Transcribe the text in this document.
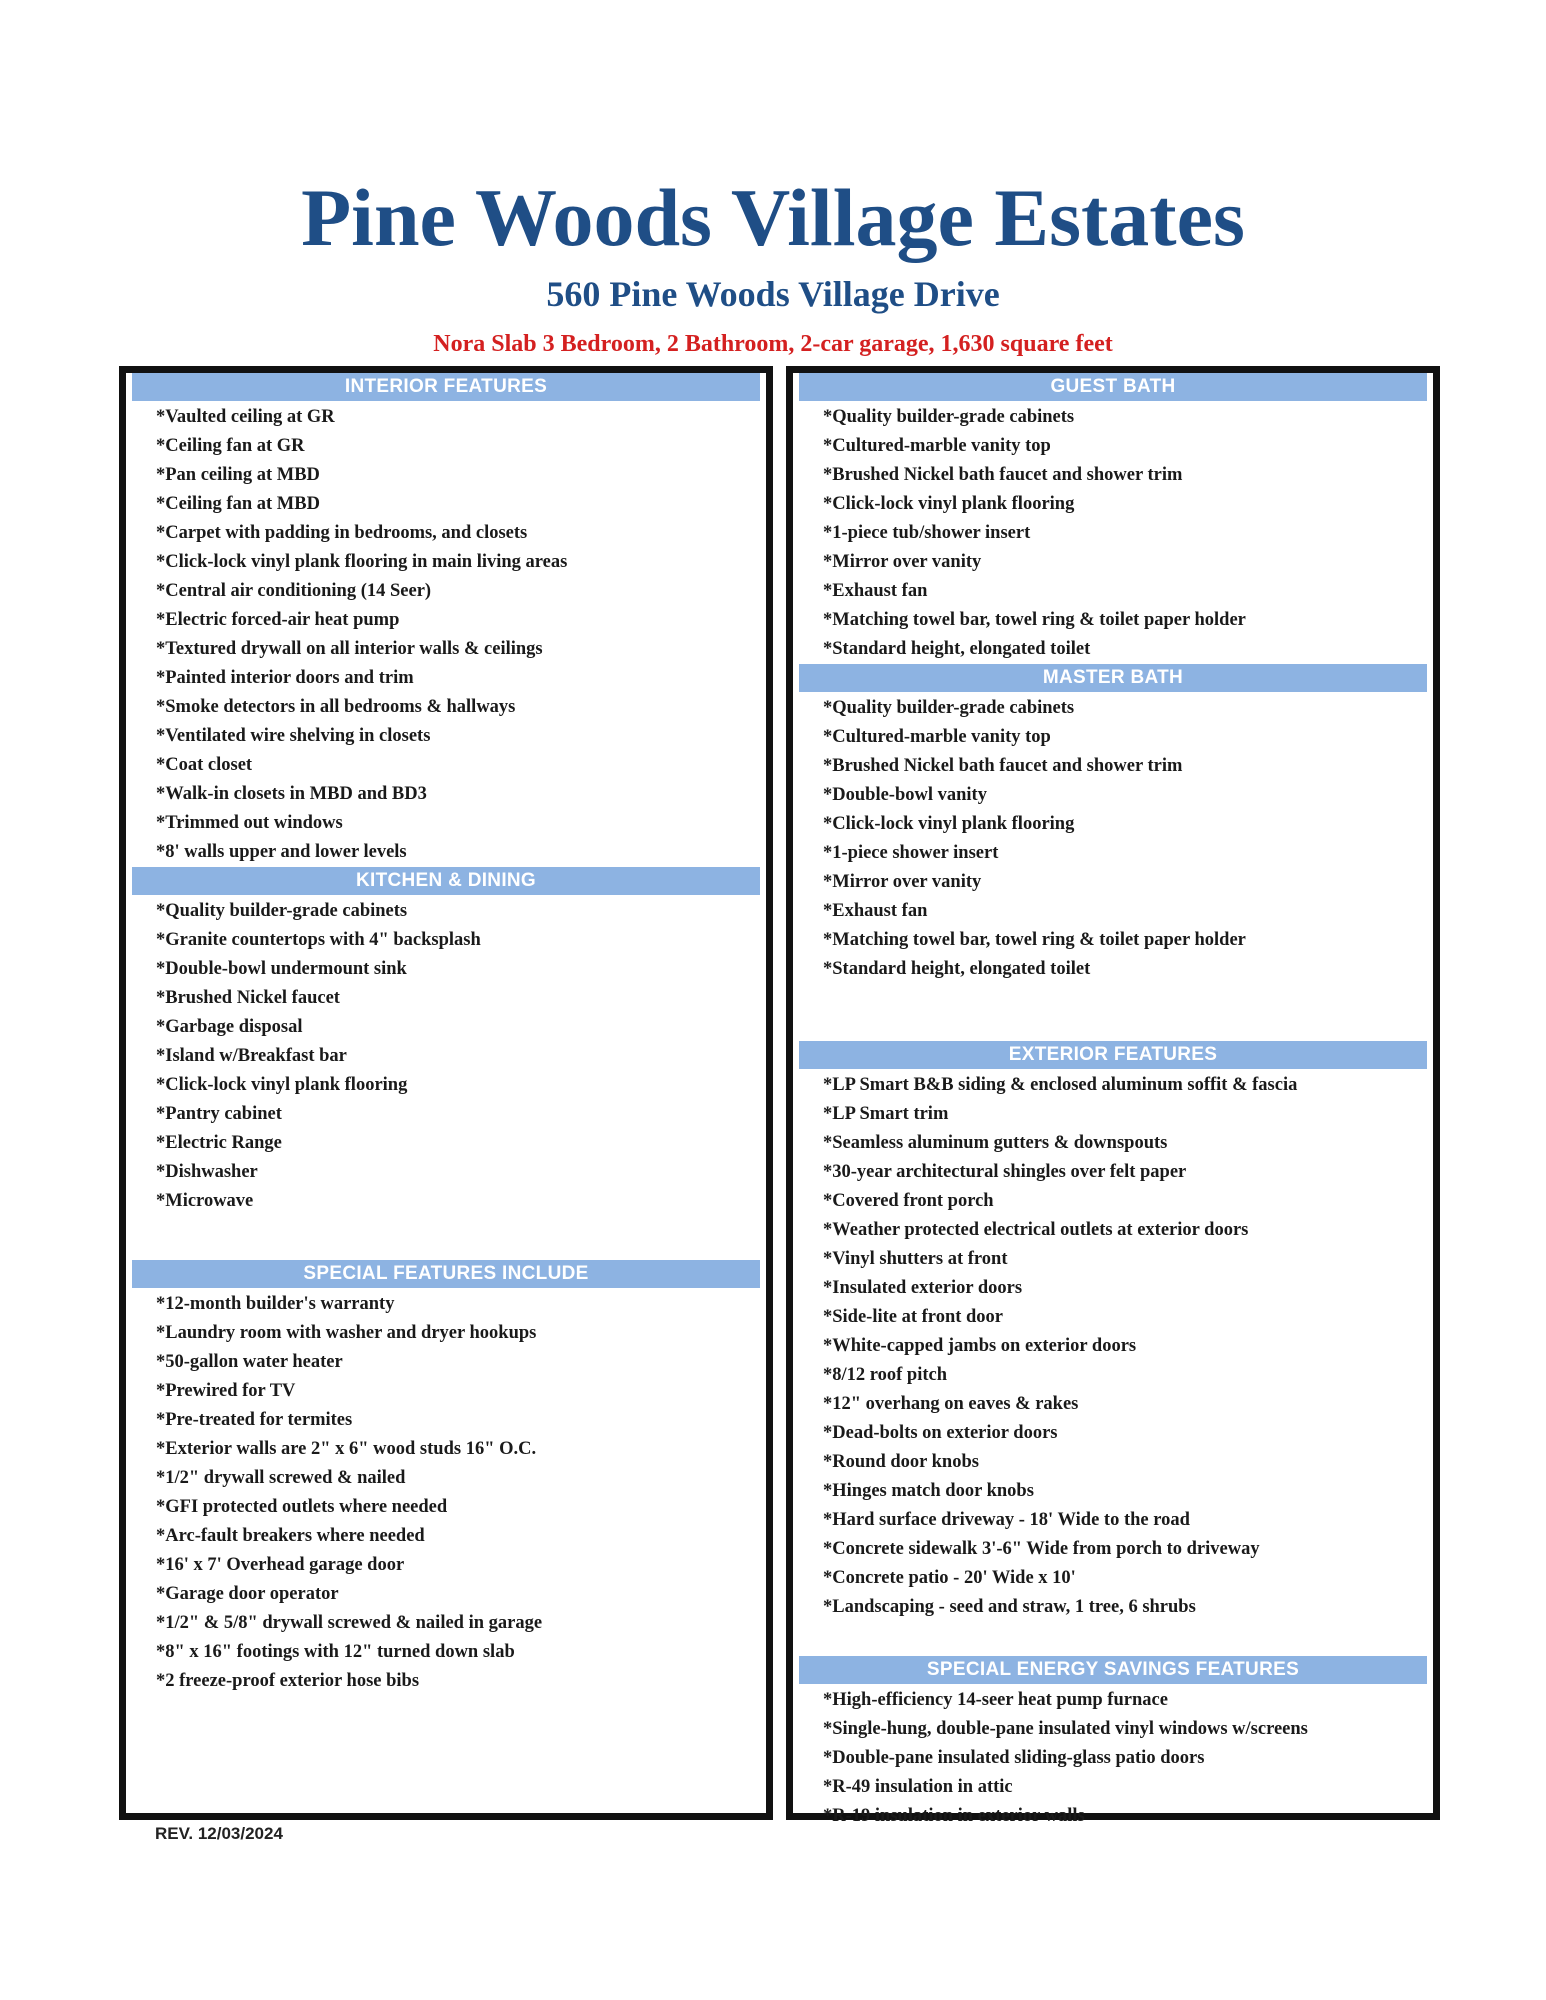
Pine Woods Village Estates
560 Pine Woods Village Drive

Nora Slab 3 Bedroom, 2 Bathroom, 2-car garage, 1,630 square feet

INTERIOR FEATURES
*Vaulted ceiling at GR
*Ceiling fan at GR
*Pan ceiling at MBD
*Ceiling fan at MBD
*Carpet with padding in bedrooms, and closets
*Click-lock vinyl plank flooring in main living areas
*Central air conditioning (14 Seer)
*Electric forced-air heat pump
*Textured drywall on all interior walls & ceilings
*Painted interior doors and trim
*Smoke detectors in all bedrooms & hallways
*Ventilated wire shelving in closets
*Coat closet
*Walk-in closets in MBD and BD3
*Trimmed out windows
*8' walls upper and lower levels
KITCHEN & DINING
*Quality builder-grade cabinets
*Granite countertops with 4" backsplash
*Double-bowl undermount sink
*Brushed Nickel faucet
*Garbage disposal
*Island w/Breakfast bar
*Click-lock vinyl plank flooring
*Pantry cabinet
*Electric Range
*Dishwasher
*Microwave
SPECIAL FEATURES INCLUDE
*12-month builder's warranty
*Laundry room with washer and dryer hookups
*50-gallon water heater
*Prewired for TV
*Pre-treated for termites
*Exterior walls are 2" x 6" wood studs 16" O.C.
*1/2" drywall screwed & nailed
*GFI protected outlets where needed
*Arc-fault breakers where needed
*16' x 7' Overhead garage door
*Garage door operator
*1/2" & 5/8" drywall screwed & nailed in garage
*8" x 16" footings with 12" turned down slab
*2 freeze-proof exterior hose bibs
GUEST BATH
*Quality builder-grade cabinets
*Cultured-marble vanity top
*Brushed Nickel bath faucet and shower trim
*Click-lock vinyl plank flooring
*1-piece tub/shower insert
*Mirror over vanity
*Exhaust fan
*Matching towel bar, towel ring & toilet paper holder
*Standard height, elongated toilet
MASTER BATH
*Quality builder-grade cabinets
*Cultured-marble vanity top
*Brushed Nickel bath faucet and shower trim
*Double-bowl vanity
*Click-lock vinyl plank flooring
*1-piece shower insert
*Mirror over vanity
*Exhaust fan
*Matching towel bar, towel ring & toilet paper holder
*Standard height, elongated toilet
EXTERIOR FEATURES
*LP Smart B&B siding & enclosed aluminum soffit & fascia
*LP Smart trim
*Seamless aluminum gutters & downspouts
*30-year architectural shingles over felt paper
*Covered front porch
*Weather protected electrical outlets at exterior doors
*Vinyl shutters at front
*Insulated exterior doors
*Side-lite at front door
*White-capped jambs on exterior doors
*8/12 roof pitch
*12" overhang on eaves & rakes
*Dead-bolts on exterior doors
*Round door knobs
*Hinges match door knobs
*Hard surface driveway - 18' Wide to the road
*Concrete sidewalk 3'-6" Wide from porch to driveway
*Concrete patio - 20' Wide x 10'
*Landscaping - seed and straw, 1 tree, 6 shrubs
SPECIAL ENERGY SAVINGS FEATURES
*High-efficiency 14-seer heat pump furnace
*Single-hung, double-pane insulated vinyl windows w/screens
*Double-pane insulated sliding-glass patio doors
*R-49 insulation in attic
*R-19 insulation in exterior walls
REV. 12/03/2024
